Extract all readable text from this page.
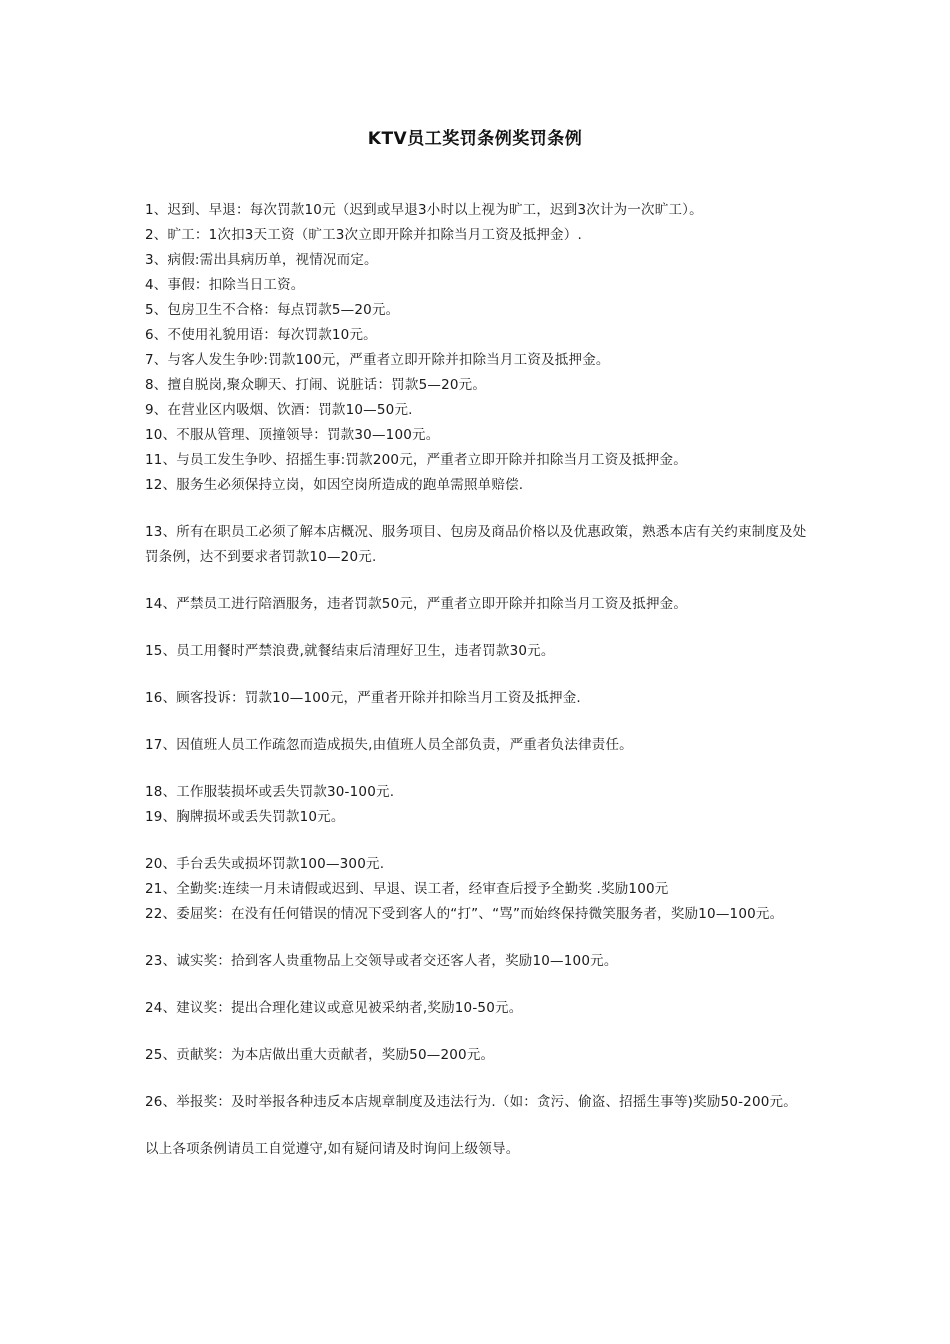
KTV员工奖罚条例奖罚条例

1、迟到、早退：每次罚款10元（迟到或早退3小时以上视为旷工，迟到3次计为一次旷工）。

2、旷工：1次扣3天工资（旷工3次立即开除并扣除当月工资及抵押金）.

3、病假:需出具病历单，视情况而定。

4、事假：扣除当日工资。

5、包房卫生不合格：每点罚款5—20元。

6、不使用礼貌用语：每次罚款10元。

7、与客人发生争吵:罚款100元，严重者立即开除并扣除当月工资及抵押金。

8、擅自脱岗,聚众聊天、打闹、说脏话：罚款5—20元。

9、在营业区内吸烟、饮酒：罚款10—50元.

10、不服从管理、顶撞领导：罚款30—100元。

11、与员工发生争吵、招摇生事:罚款200元，严重者立即开除并扣除当月工资及抵押金。

12、服务生必须保持立岗，如因空岗所造成的跑单需照单赔偿.

13、所有在职员工必须了解本店概况、服务项目、包房及商品价格以及优惠政策，熟悉本店有关约束制度及处罚条例，达不到要求者罚款10—20元.

14、严禁员工进行陪酒服务，违者罚款50元，严重者立即开除并扣除当月工资及抵押金。

15、员工用餐时严禁浪费,就餐结束后清理好卫生，违者罚款30元。

16、顾客投诉：罚款10—100元，严重者开除并扣除当月工资及抵押金.

17、因值班人员工作疏忽而造成损失,由值班人员全部负责，严重者负法律责任。

18、工作服装损坏或丢失罚款30-100元.

19、胸牌损坏或丢失罚款10元。

20、手台丢失或损坏罚款100—300元.

21、全勤奖:连续一月未请假或迟到、早退、误工者，经审查后授予全勤奖 .奖励100元

22、委屈奖：在没有任何错误的情况下受到客人的“打”、“骂”而始终保持微笑服务者，奖励10—100元。

23、诚实奖：拾到客人贵重物品上交领导或者交还客人者，奖励10—100元。

24、建议奖：提出合理化建议或意见被采纳者,奖励10-50元。

25、贡献奖：为本店做出重大贡献者，奖励50—200元。

26、举报奖：及时举报各种违反本店规章制度及违法行为.（如：贪污、偷盗、招摇生事等)奖励50-200元。

以上各项条例请员工自觉遵守,如有疑问请及时询问上级领导。
